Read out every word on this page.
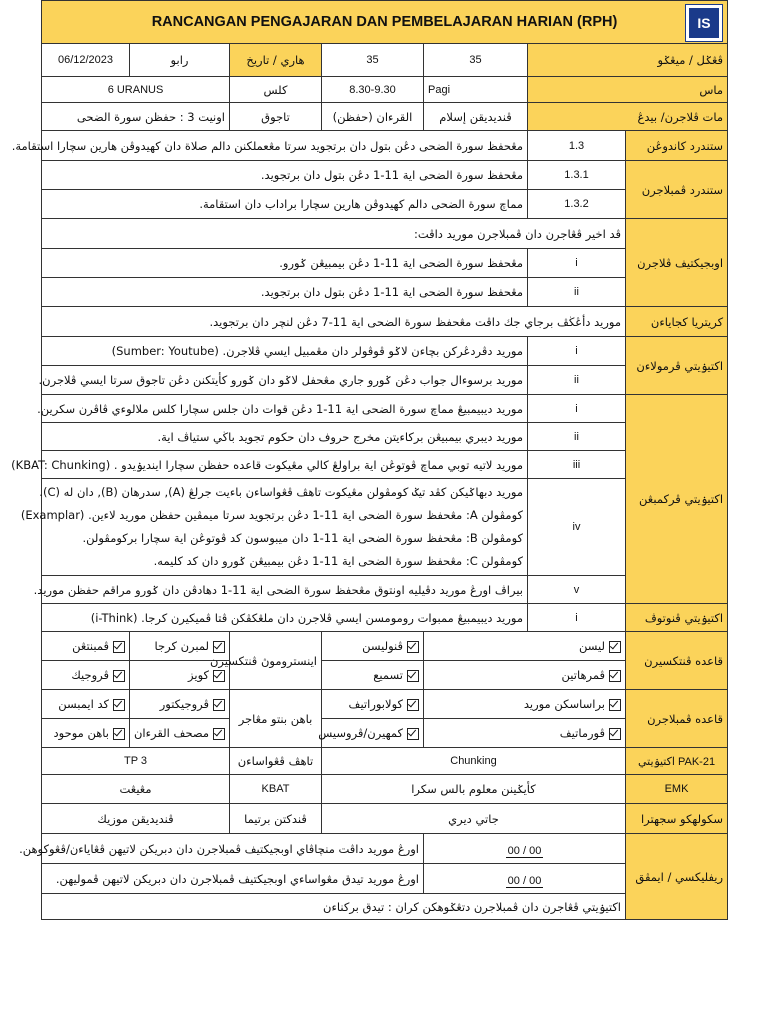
RANCANGAN PENGAJARAN DAN PEMBELAJARAN HARIAN (RPH) IS						

06/12/2023	رابو	هاري / تاريخ	35	35	ڤڠݢل / ميڠݢو	
6 URANUS		كلس	8.30-9.30	Pagi	ماس	
اونيت 3 : حفظن سورة الضحى		تاجوق	القرءان (حفظن)	ڤنديديقن إسلام	مات ڤلاجرن/ بيدڠ	
مڠحفظ سورة الضحى دڠن بتول دان برتجويد سرتا مڠعملكنن دالم صلاة دان كهيدوڤن هارين سچارا استقامة.					1.3	ستندرد كاندوڠن
مڠحفظ سورة الضحى اية 11-1 دڠن بتول دان برتجويد.					1.3.1	ستندرد ڤمبلاجرن
مماچ سورة الضحى دالم كهيدوڤن هارين سچارا براداب دان استقامة.					1.3.2	
ڤد اخير ڤڠاجرن دان ڤمبلاجرن موريد داڤت:						اوبجيكتيف ڤلاجرن
مڠحفظ سورة الضحى اية 11-1 دڠن بيمبيڠن ݢورو.					i	
مڠحفظ سورة الضحى اية 11-1 دڠن بتول دان برتجويد.					ii	
موريد دأڠڬڤ برجاي جك داڤت مڠحفظ سورة الضحى اية 11-7 دڠن لنچر دان برتجويد.						كريتريا كجاياءن
موريد دڤردڠركن بچاءن لاݢو ڤوڤولر دان مڠمبيل ايسي ڤلاجرن. (Sumber: Youtube)					i	اكتيۏيتي ڤرمولاءن
موريد برسوءال جواب دڠن ݢورو جاري مڠحفل لاݢو دان ݢورو كأيتكنن دڠن تاجوق سرتا ايسي ڤلاجرن.					ii	
موريد ديبيمبيڠ مماچ سورة الضحى اية 11-1 دڠن قوات دان جلس سچارا كلس ملالوءي ڤاڤرن سكرين.					i	اكتيۏيتي ڤركمبڠن
موريد ديبري بيمبيڠن بركاءيتن مخرج حروف دان حكوم تجويد باڬي ستياڤ اية.					ii	
موريد لاتيه توبي مماچ ڤوتوڠن اية براولڠ كالي مڠيكوت قاعده حفظن سچارا اينديۏيدو . (KBAT: Chunking)					iii	

موريد دبهاݢيكن كڤد تيݢ كومڤولن مڠيكوت تاهڤ ڤڠواساءن باءيت جرلڠ (A), سدرهان (B), دان له (C).
كومڤولن A: مڠحفظ سورة الضحى اية 11-1 دڠن برتجويد سرتا ميمڤين حفظن موريد لاءين. (Examplar)
كومڤولن B: مڠحفظ سورة الضحى اية 11-1 دان ميبوسون كد ڤوتوڠن اية سچارا بركومڤولن.
كومڤولن C: مڠحفظ سورة الضحى اية 11-1 دڠن بيمبيڠن ݢورو دان كد كليمه.					iv	
بيراڤ اورڠ موريد دڤيليه اونتوق مڠحفظ سورة الضحى اية 11-1 دهادڤن دان ݢورو مراقم حفظن موريد.					v	
موريد ديبيمبيڠ ممبوات رومومسن ايسي ڤلاجرن دان ملڠكڤكن ڤتا ڤميكيرن كرجا. (i-Think)					i	اكتيۏيتي ڤنوتوڤ
ڤمبنتڠن	لمبرن كرجا	اينستروموڽ ڤنتكسيرن	ڤنوليسن	ليسن		قاعده ڤنتكسيرن
ڤروجيك	كويز		تسميع	ڤمرهاتين		
كد ايمبسن	ڤروجيكتور	باهن بنتو مڠاجر	كولابوراتيف	براساسكن موريد		قاعده ڤمبلاجرن
باهن موحود	مصحف القرءان		كمهيرن/ڤروسيس	ڤورماتيف		
TP 3		تاهڤ ڤڠواساءن	Chunking			اكتيۏيتي PAK-21
مڠيڠت		KBAT	كأيݢينن معلوم بالس سكرا			EMK
ڤنديديقن موزيك		ڤندكتن برتيما	جاتي ديري			سكولهكو سجهترا
اورڠ موريد داڤت منچاڤاي اوبجيكتيف ڤمبلاجرن دان دبريكن لاتيهن ڤڠاياءن/ڤڠوكوهن.				00 / 00		ريفليكسي / ايمڤق
اورڠ موريد تيدق مڠواساءي اوبجيكتيف ڤمبلاجرن دان دبريكن لاتيهن ڤموليهن.				00 / 00		
اكتيۏيتي ڤڠاجرن دان ڤمبلاجرن دتڠݢوهكن كران : تيدق بركناءن						
